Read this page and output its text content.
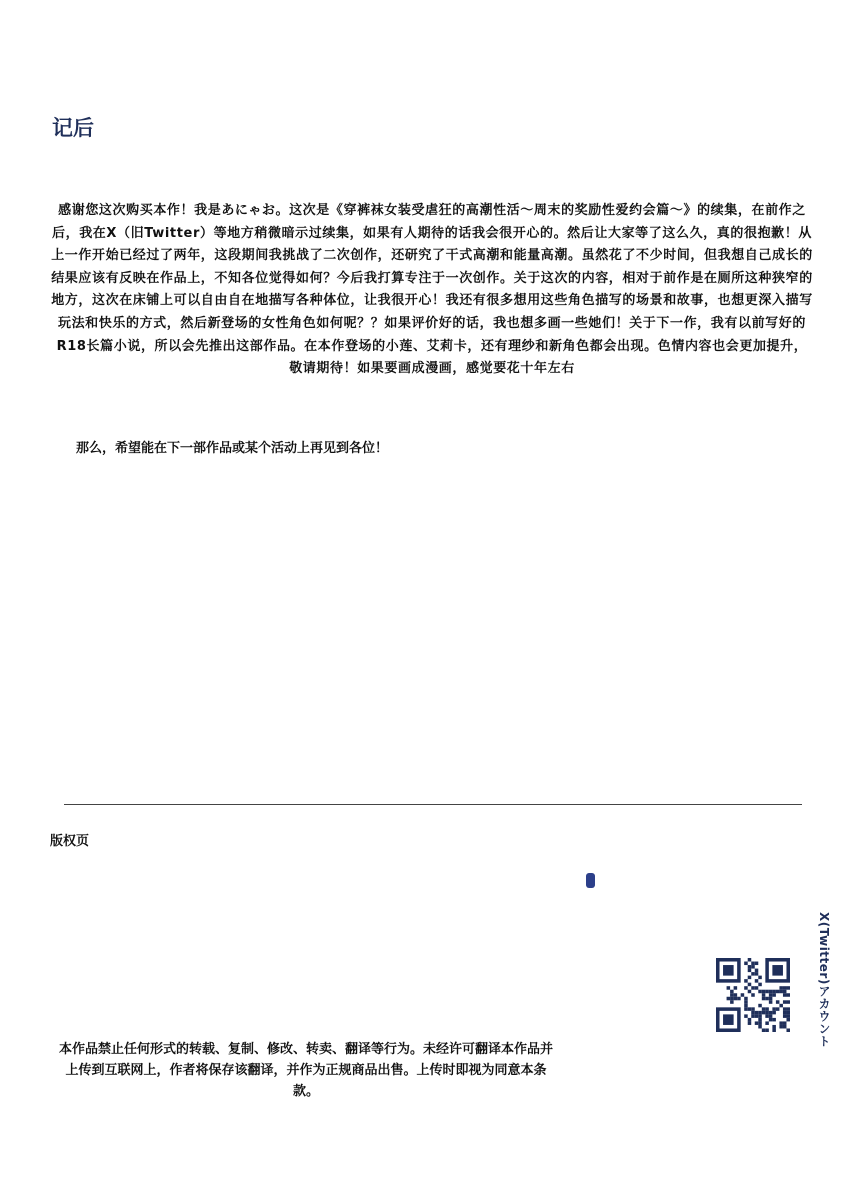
记后

感谢您这次购买本作！我是あにゃお。这次是《穿裤袜女装受虐狂的高潮性活～周末的奖励性爱约会篇～》的续集，在前作之后，我在X（旧Twitter）等地方稍微暗示过续集，如果有人期待的话我会很开心的。然后让大家等了这么久，真的很抱歉！从上一作开始已经过了两年，这段期间我挑战了二次创作，还研究了干式高潮和能量高潮。虽然花了不少时间，但我想自己成长的结果应该有反映在作品上，不知各位觉得如何？今后我打算专注于一次创作。关于这次的内容，相对于前作是在厕所这种狭窄的地方，这次在床铺上可以自由自在地描写各种体位，让我很开心！我还有很多想用这些角色描写的场景和故事，也想更深入描写玩法和快乐的方式，然后新登场的女性角色如何呢？？如果评价好的话，我也想多画一些她们！关于下一作，我有以前写好的R18长篇小说，所以会先推出这部作品。在本作登场的小莲、艾莉卡，还有理纱和新角色都会出现。色情内容也会更加提升，敬请期待！如果要画成漫画，感觉要花十年左右

那么，希望能在下一部作品或某个活动上再见到各位！
版权页

本作品禁止任何形式的转载、复制、修改、转卖、翻译等行为。未经许可翻译本作品并上传到互联网上，作者将保存该翻译，并作为正规商品出售。上传时即视为同意本条款。

X(Twitter)アカウント
